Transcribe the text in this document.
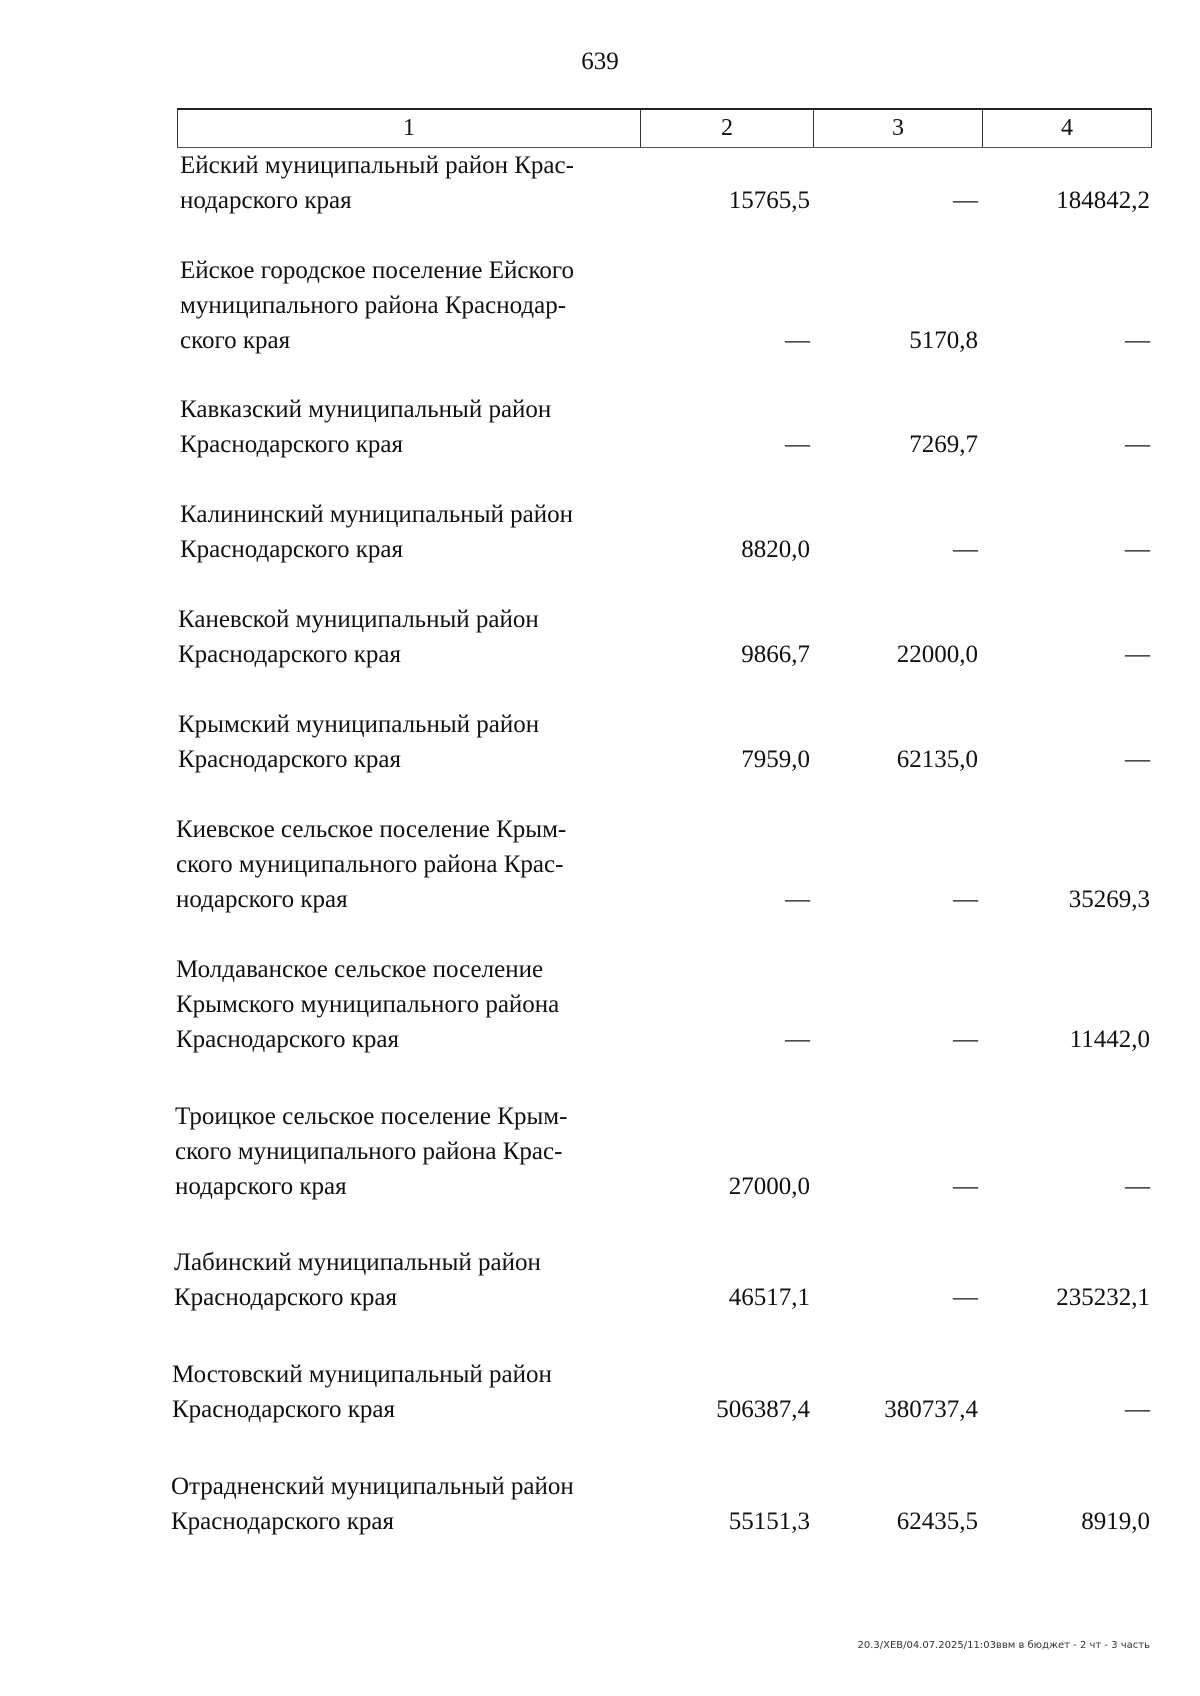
639
1	2	3	4
Ейский муниципальный район Крас-
нодарского края	15765,5	—	184842,2
Ейское городское поселение Ейского
муниципального района Краснодар-
ского края	—	5170,8	—
Кавказский муниципальный район
Краснодарского края	—	7269,7	—
Калининский муниципальный район
Краснодарского края	8820,0	—	—
Каневской муниципальный район
Краснодарского края	9866,7	22000,0	—
Крымский муниципальный район
Краснодарского края	7959,0	62135,0	—
Киевское сельское поселение Крым-
ского муниципального района Крас-
нодарского края	—	—	35269,3
Молдаванское сельское поселение
Крымского муниципального района
Краснодарского края	—	—	11442,0
Троицкое сельское поселение Крым-
ского муниципального района Крас-
нодарского края	27000,0	—	—
Лабинский муниципальный район
Краснодарского края	46517,1	—	235232,1
Мостовский муниципальный район
Краснодарского края	506387,4	380737,4	—
Отрадненский муниципальный район
Краснодарского края	55151,3	62435,5	8919,0
20.3/ХЕВ/04.07.2025/11:03ввм в бюджет - 2 чт - 3 часть
